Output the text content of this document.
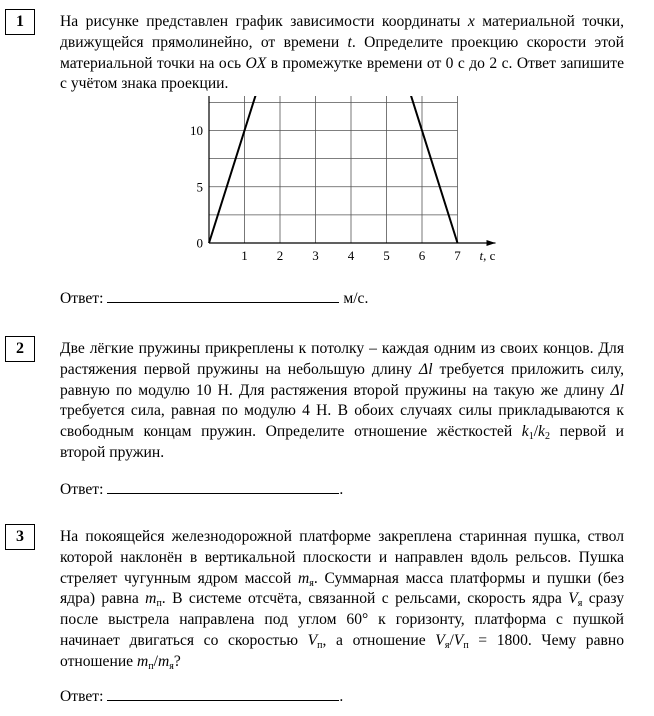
1	На рисунке представлен график зависимости координаты x материальной точки, движущейся прямолинейно, от времени t. Определите проекцию скорости этой материальной точки на ось OX в промежутке времени от 0 с до 2 с. Ответ запишите с учётом знака проекции.

1 2 3 4 5 6 7
5
10
0
t, с
Ответ:	м/с.
2	Две лёгкие пружины прикреплены к потолку – каждая одним из своих концов. Для растяжения первой пружины на небольшую длину Δl требуется приложить силу, равную по модулю 10 Н. Для растяжения второй пружины на такую же длину Δl требуется сила, равная по модулю 4 Н. В обоих случаях силы прикладываются к свободным концам пружин. Определите отношение жёсткостей $k_1/k_2$ первой и второй пружин.

Ответ:	.
3	На покоящейся железнодорожной платформе закреплена старинная пушка, ствол которой наклонён в вертикальной плоскости и направлен вдоль рельсов. Пушка стреляет чугунным ядром массой $m_я$. Суммарная масса платформы и пушки (без ядра) равна $m_п$. В системе отсчёта, связанной с рельсами, скорость ядра $V_я$ сразу после выстрела направлена под углом 60° к горизонту, платформа с пушкой начинает двигаться со скоростью $V_п$, а отношение $V_я/V_п = 1800$. Чему равно отношение $m_п/m_я$?

Ответ:	.
